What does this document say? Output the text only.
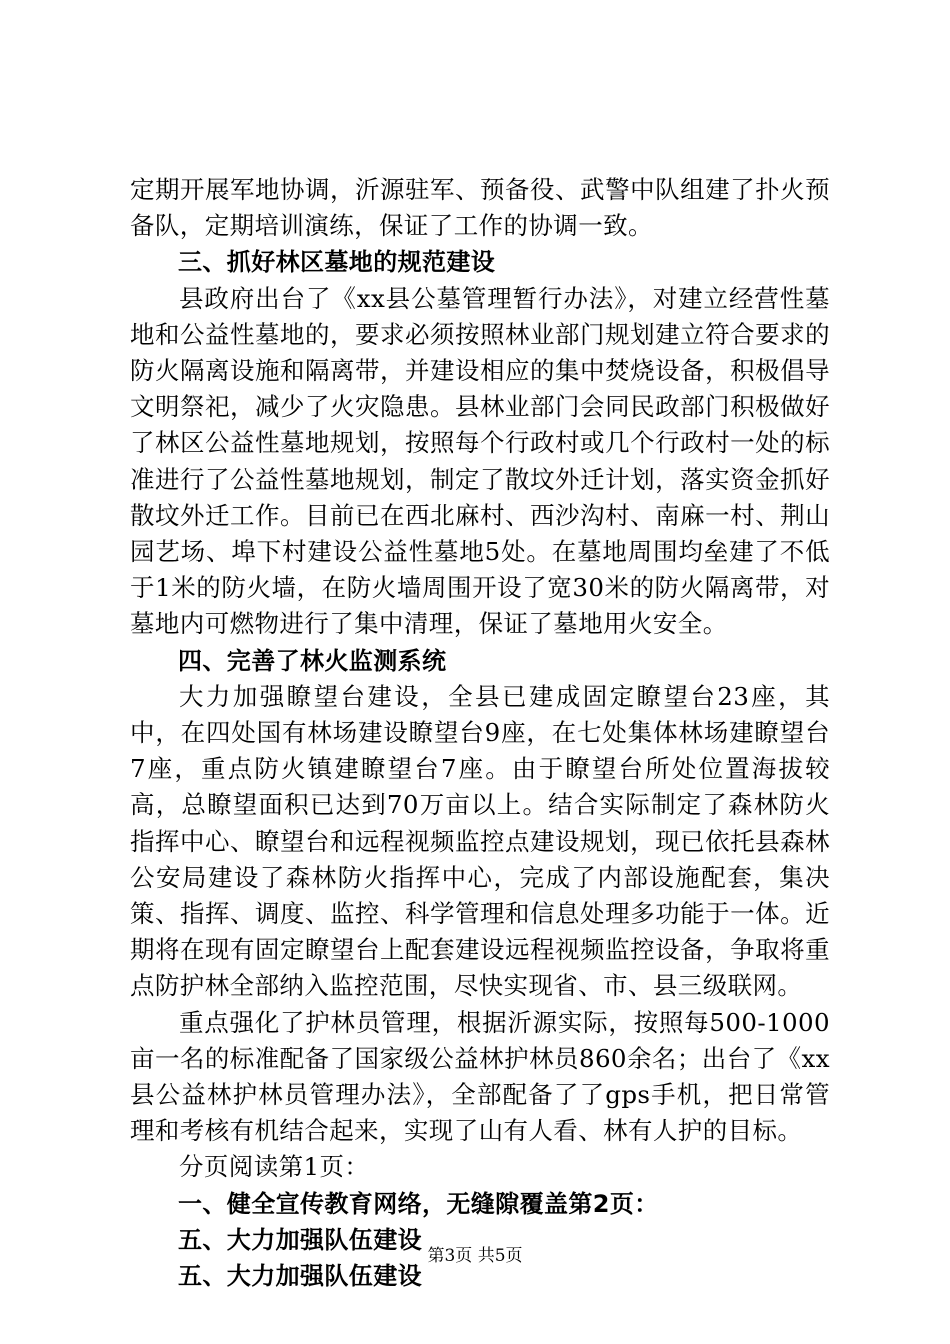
定期开展军地协调，沂源驻军、预备役、武警中队组建了扑火预备队，定期培训演练，保证了工作的协调一致。

三、抓好林区墓地的规范建设

县政府出台了《xx县公墓管理暂行办法》，对建立经营性墓地和公益性墓地的，要求必须按照林业部门规划建立符合要求的防火隔离设施和隔离带，并建设相应的集中焚烧设备，积极倡导文明祭祀，减少了火灾隐患。县林业部门会同民政部门积极做好了林区公益性墓地规划，按照每个行政村或几个行政村一处的标准进行了公益性墓地规划，制定了散坟外迁计划，落实资金抓好散坟外迁工作。目前已在西北麻村、西沙沟村、南麻一村、荆山园艺场、埠下村建设公益性墓地5处。在墓地周围均垒建了不低于1米的防火墙，在防火墙周围开设了宽30米的防火隔离带，对墓地内可燃物进行了集中清理，保证了墓地用火安全。

四、完善了林火监测系统

大力加强瞭望台建设，全县已建成固定瞭望台23座，其中，在四处国有林场建设瞭望台9座，在七处集体林场建瞭望台7座，重点防火镇建瞭望台7座。由于瞭望台所处位置海拔较高，总瞭望面积已达到70万亩以上。结合实际制定了森林防火指挥中心、瞭望台和远程视频监控点建设规划，现已依托县森林公安局建设了森林防火指挥中心，完成了内部设施配套，集决策、指挥、调度、监控、科学管理和信息处理多功能于一体。近期将在现有固定瞭望台上配套建设远程视频监控设备，争取将重点防护林全部纳入监控范围，尽快实现省、市、县三级联网。

重点强化了护林员管理，根据沂源实际，按照每500-1000亩一名的标准配备了国家级公益林护林员860余名；出台了《xx县公益林护林员管理办法》，全部配备了了gps手机，把日常管理和考核有机结合起来，实现了山有人看、林有人护的目标。

分页阅读第1页：

一、健全宣传教育网络，无缝隙覆盖第2页：

五、大力加强队伍建设

五、大力加强队伍建设

第3页 共5页
